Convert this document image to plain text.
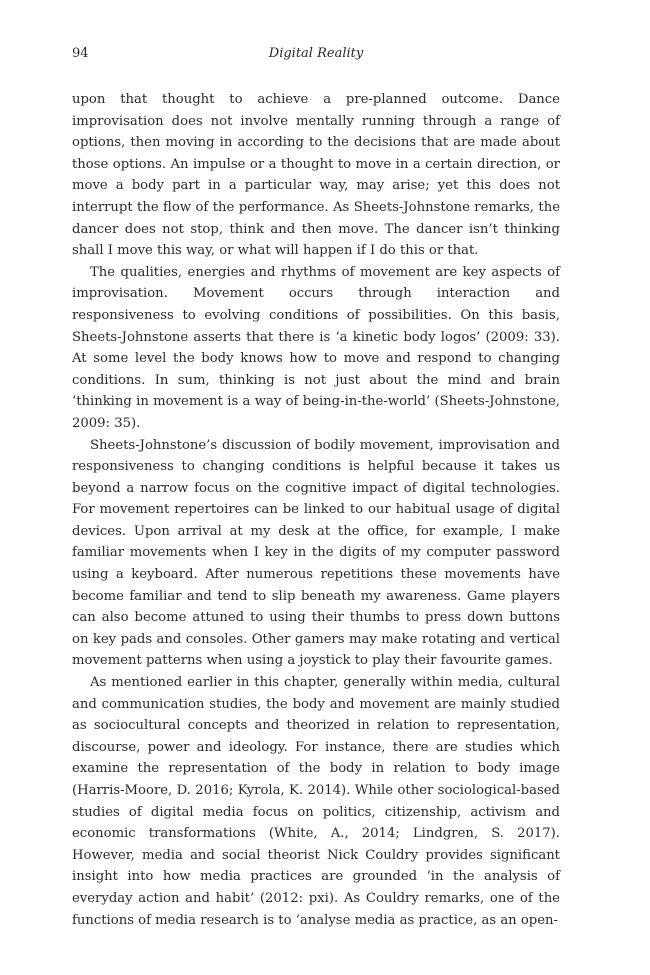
94	Digital Reality

upon that thought to achieve a pre-planned outcome. Dance improvisation does not involve mentally running through a range of options, then moving in according to the decisions that are made about those options. An impulse or a thought to move in a certain direction, or move a body part in a particular way, may arise; yet this does not interrupt the flow of the performance. As Sheets-Johnstone remarks, the dancer does not stop, think and then move. The dancer isn’t thinking shall I move this way, or what will happen if I do this or that.

The qualities, energies and rhythms of movement are key aspects of improvisation. Movement occurs through interaction and responsiveness to evolving conditions of possibilities. On this basis, Sheets-Johnstone asserts that there is ‘a kinetic body logos’ (2009: 33). At some level the body knows how to move and respond to changing conditions. In sum, thinking is not just about the mind and brain ‘thinking in movement is a way of being-in-the-world’ (Sheets-Johnstone, 2009: 35).

Sheets-Johnstone’s discussion of bodily movement, improvisation and responsiveness to changing conditions is helpful because it takes us beyond a narrow focus on the cognitive impact of digital technologies. For movement repertoires can be linked to our habitual usage of digital devices. Upon arrival at my desk at the office, for example, I make familiar movements when I key in the digits of my computer password using a keyboard. After numerous repetitions these movements have become familiar and tend to slip beneath my awareness. Game players can also become attuned to using their thumbs to press down buttons on key pads and consoles. Other gamers may make rotating and vertical movement patterns when using a joystick to play their favourite games.

As mentioned earlier in this chapter, generally within media, cultural and communication studies, the body and movement are mainly studied as sociocultural concepts and theorized in relation to representation, discourse, power and ideology. For instance, there are studies which examine the representation of the body in relation to body image (Harris-Moore, D. 2016; Kyrola, K. 2014). While other sociological-based studies of digital media focus on politics, citizenship, activism and economic transformations (White, A., 2014; Lindgren, S. 2017). However, media and social theorist Nick Couldry provides significant insight into how media practices are grounded ‘in the analysis of everyday action and habit’ (2012: pxi). As Couldry remarks, one of the functions of media research is to ‘analyse media as practice, as an open-
